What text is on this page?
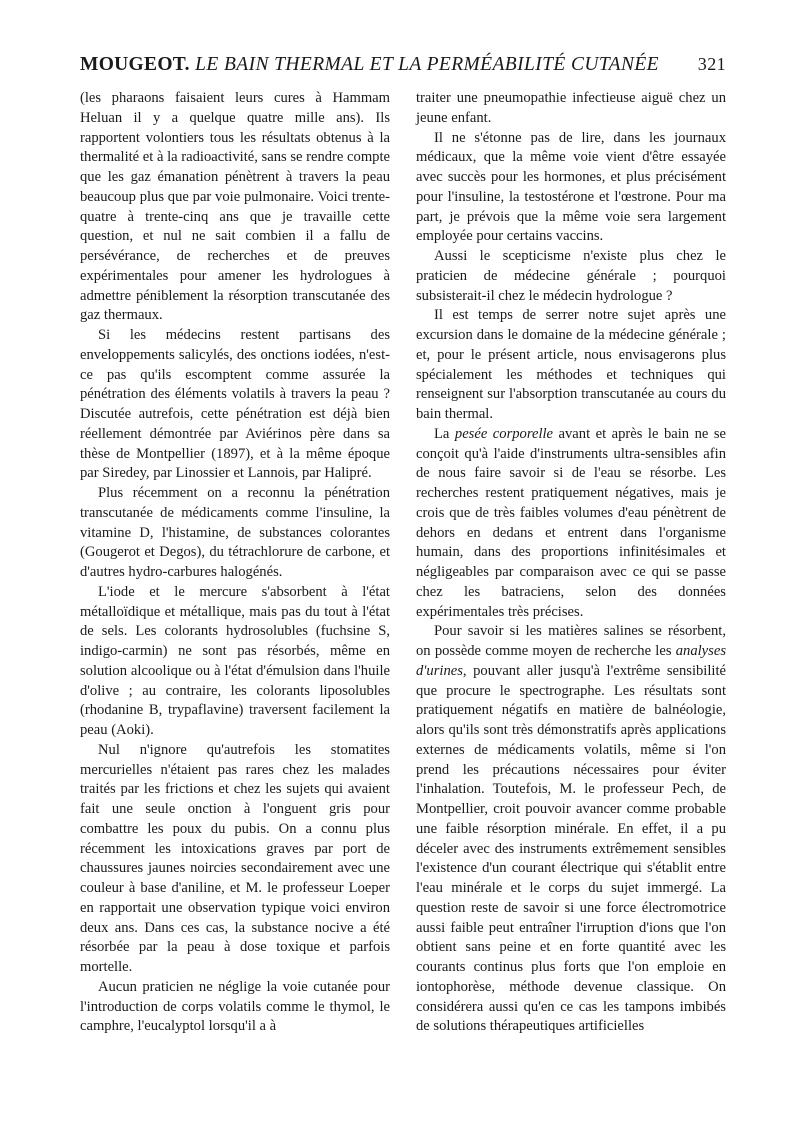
MOUGEOT. LE BAIN THERMAL ET LA PERMÉABILITÉ CUTANÉE 321

(les pharaons faisaient leurs cures à Hammam Heluan il y a quelque quatre mille ans). Ils rapportent volontiers tous les résultats obtenus à la thermalité et à la radioactivité, sans se rendre compte que les gaz émanation pénètrent à travers la peau beaucoup plus que par voie pulmonaire. Voici trente-quatre à trente-cinq ans que je travaille cette question, et nul ne sait combien il a fallu de persévérance, de recherches et de preuves expérimentales pour amener les hydrologues à admettre péniblement la résorption transcutanée des gaz thermaux.

Si les médecins restent partisans des enveloppements salicylés, des onctions iodées, n'est-ce pas qu'ils escomptent comme assurée la pénétration des éléments volatils à travers la peau ? Discutée autrefois, cette pénétration est déjà bien réellement démontrée par Aviérinos père dans sa thèse de Montpellier (1897), et à la même époque par Siredey, par Linossier et Lannois, par Halipré.

Plus récemment on a reconnu la pénétration transcutanée de médicaments comme l'insuline, la vitamine D, l'histamine, de substances colorantes (Gougerot et Degos), du tétrachlorure de carbone, et d'autres hydro-carbures halogénés.

L'iode et le mercure s'absorbent à l'état métalloïdique et métallique, mais pas du tout à l'état de sels. Les colorants hydrosolubles (fuchsine S, indigo-carmin) ne sont pas résorbés, même en solution alcoolique ou à l'état d'émulsion dans l'huile d'olive ; au contraire, les colorants liposolubles (rhodanine B, trypaflavine) traversent facilement la peau (Aoki).

Nul n'ignore qu'autrefois les stomatites mercurielles n'étaient pas rares chez les malades traités par les frictions et chez les sujets qui avaient fait une seule onction à l'onguent gris pour combattre les poux du pubis. On a connu plus récemment les intoxications graves par port de chaussures jaunes noircies secondairement avec une couleur à base d'aniline, et M. le professeur Loeper en rapportait une observation typique voici environ deux ans. Dans ces cas, la substance nocive a été résorbée par la peau à dose toxique et parfois mortelle.

Aucun praticien ne néglige la voie cutanée pour l'introduction de corps volatils comme le thymol, le camphre, l'eucalyptol lorsqu'il a à

traiter une pneumopathie infectieuse aiguë chez un jeune enfant.

Il ne s'étonne pas de lire, dans les journaux médicaux, que la même voie vient d'être essayée avec succès pour les hormones, et plus précisément pour l'insuline, la testostérone et l'œstrone. Pour ma part, je prévois que la même voie sera largement employée pour certains vaccins.

Aussi le scepticisme n'existe plus chez le praticien de médecine générale ; pourquoi subsisterait-il chez le médecin hydrologue ?

Il est temps de serrer notre sujet après une excursion dans le domaine de la médecine générale ; et, pour le présent article, nous envisagerons plus spécialement les méthodes et techniques qui renseignent sur l'absorption transcutanée au cours du bain thermal.

La pesée corporelle avant et après le bain ne se conçoit qu'à l'aide d'instruments ultra-sensibles afin de nous faire savoir si de l'eau se résorbe. Les recherches restent pratiquement négatives, mais je crois que de très faibles volumes d'eau pénètrent de dehors en dedans et entrent dans l'organisme humain, dans des proportions infinitésimales et négligeables par comparaison avec ce qui se passe chez les batraciens, selon des données expérimentales très précises.

Pour savoir si les matières salines se résorbent, on possède comme moyen de recherche les analyses d'urines, pouvant aller jusqu'à l'extrême sensibilité que procure le spectrographe. Les résultats sont pratiquement négatifs en matière de balnéologie, alors qu'ils sont très démonstratifs après applications externes de médicaments volatils, même si l'on prend les précautions nécessaires pour éviter l'inhalation. Toutefois, M. le professeur Pech, de Montpellier, croit pouvoir avancer comme probable une faible résorption minérale. En effet, il a pu déceler avec des instruments extrêmement sensibles l'existence d'un courant électrique qui s'établit entre l'eau minérale et le corps du sujet immergé. La question reste de savoir si une force électromotrice aussi faible peut entraîner l'irruption d'ions que l'on obtient sans peine et en forte quantité avec les courants continus plus forts que l'on emploie en iontophorèse, méthode devenue classique. On considérera aussi qu'en ce cas les tampons imbibés de solutions thérapeutiques artificielles
